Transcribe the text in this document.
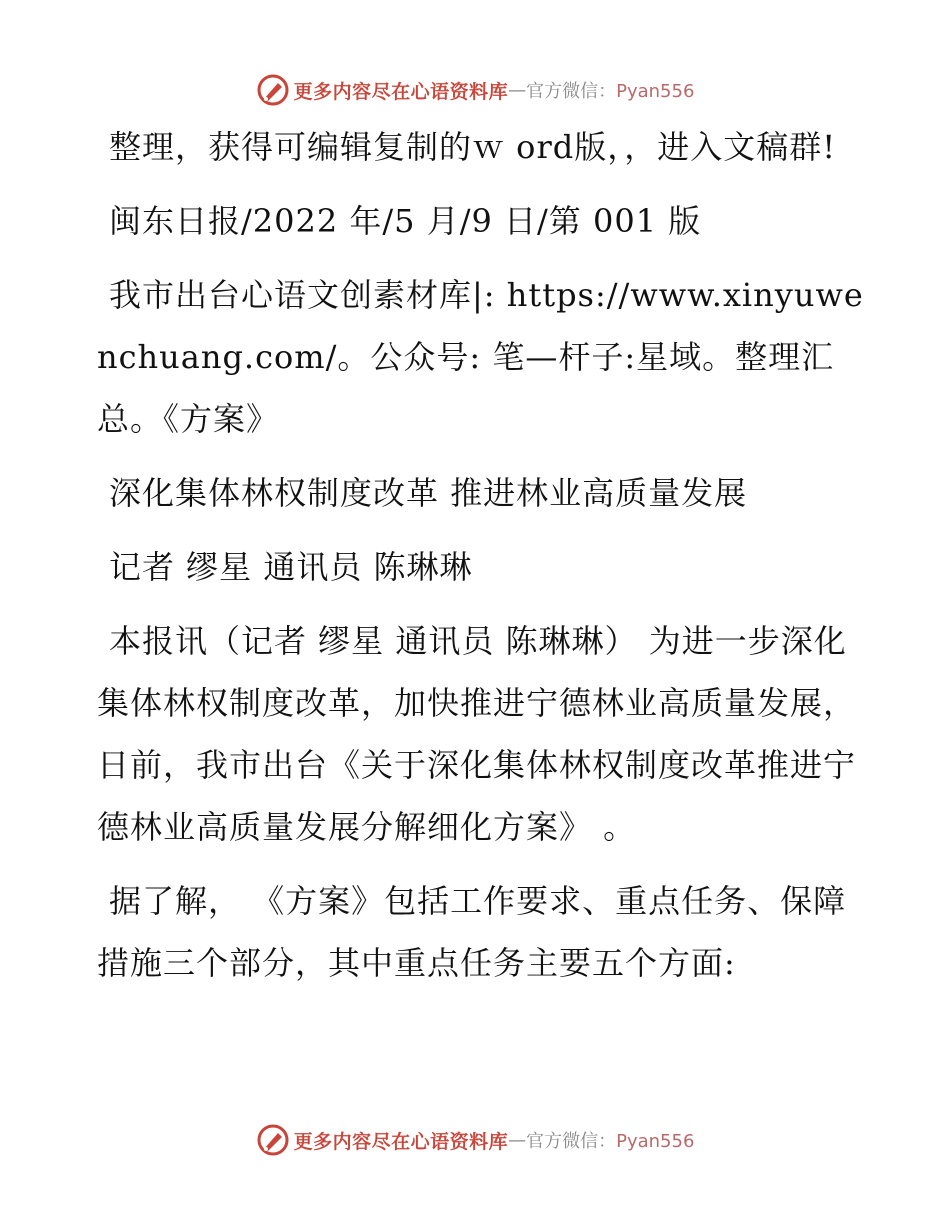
更多内容尽在心语资料库 — 官方微信：Pyan556

整理，获得可编辑复制的ｗ ord版，，进入文稿群!

闽东日报/2022 年/5 月/9 日/第 001 版

我市出台心语文创素材库|: https://www.xinyuwenchuang.com/。公众号: 笔—杆子:星域。整理汇总。《方案》

深化集体林权制度改革 推进林业高质量发展

记者 缪星 通讯员 陈琳琳

本报讯（记者 缪星 通讯员 陈琳琳） 为进一步深化集体林权制度改革，加快推进宁德林业高质量发展，日前，我市出台《关于深化集体林权制度改革推进宁德林业高质量发展分解细化方案》 。

据了解， 《方案》包括工作要求、重点任务、保障措施三个部分，其中重点任务主要五个方面:

更多内容尽在心语资料库 — 官方微信：Pyan556
